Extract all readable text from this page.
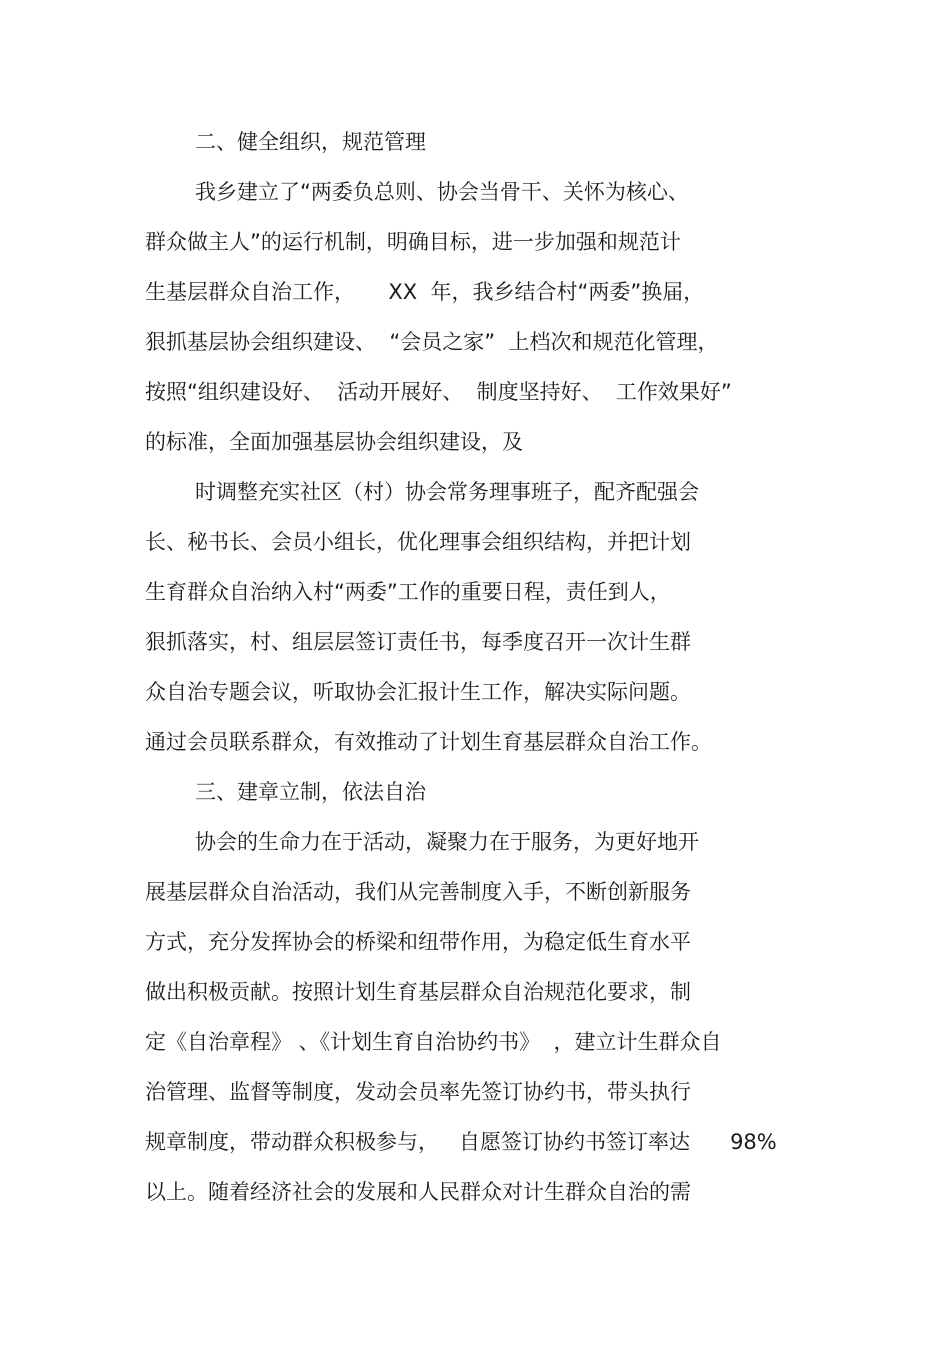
二、健全组织，规范管理
我乡建立了“两委负总则、协会当骨干、关怀为核心、
群众做主人”的运行机制，明确目标，进一步加强和规范计
生基层群众自治工作，     XX  年，我乡结合村“两委”换届，
狠抓基层协会组织建设、  “会员之家”  上档次和规范化管理，
按照“组织建设好、  活动开展好、  制度坚持好、  工作效果好”
的标准，全面加强基层协会组织建设，及
时调整充实社区（村）协会常务理事班子，配齐配强会
长、秘书长、会员小组长，优化理事会组织结构，并把计划
生育群众自治纳入村“两委”工作的重要日程，责任到人，
狠抓落实，村、组层层签订责任书，每季度召开一次计生群
众自治专题会议，听取协会汇报计生工作，解决实际问题。
通过会员联系群众，有效推动了计划生育基层群众自治工作。
三、建章立制，依法自治
协会的生命力在于活动，凝聚力在于服务，为更好地开
展基层群众自治活动，我们从完善制度入手，不断创新服务
方式，充分发挥协会的桥梁和纽带作用，为稳定低生育水平
做出积极贡献。按照计划生育基层群众自治规范化要求，制
定《自治章程》 、《计划生育自治协约书》  ，建立计生群众自
治管理、监督等制度，发动会员率先签订协约书，带头执行
规章制度，带动群众积极参与，   自愿签订协约书签订率达      98%
以上。随着经济社会的发展和人民群众对计生群众自治的需
